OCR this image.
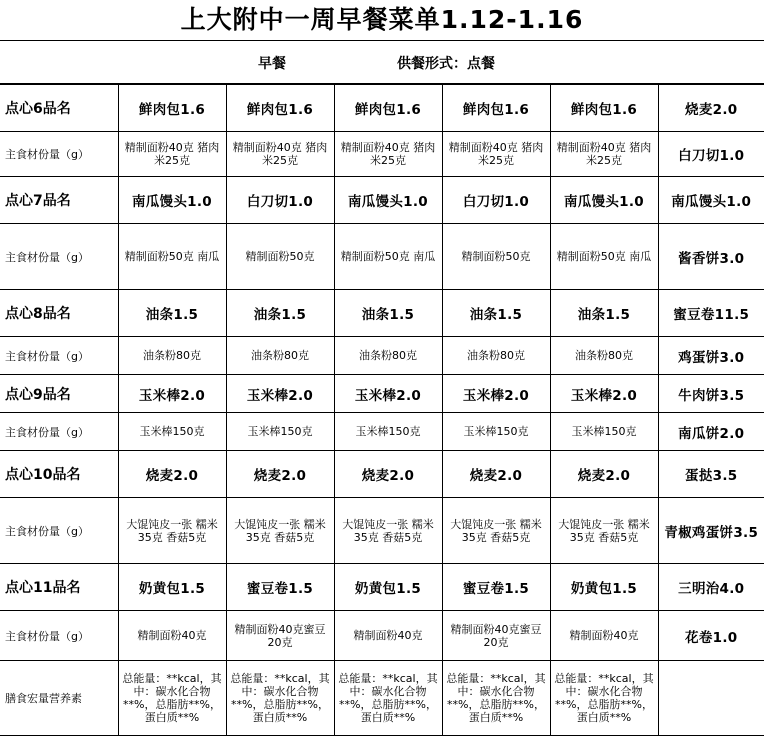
上大附中一周早餐菜单1.12-1.16
早餐	供餐形式：点餐
点心6品名	鲜肉包1.6	鲜肉包1.6	鲜肉包1.6	鲜肉包1.6	鲜肉包1.6	烧麦2.0
主食材份量（g）	精制面粉40克 猪肉米25克	精制面粉40克 猪肉米25克	精制面粉40克 猪肉米25克	精制面粉40克 猪肉米25克	精制面粉40克 猪肉米25克	白刀切1.0
点心7品名	南瓜馒头1.0	白刀切1.0	南瓜馒头1.0	白刀切1.0	南瓜馒头1.0	南瓜馒头1.0
主食材份量（g）	精制面粉50克 南瓜	精制面粉50克	精制面粉50克 南瓜	精制面粉50克	精制面粉50克 南瓜	酱香饼3.0
点心8品名	油条1.5	油条1.5	油条1.5	油条1.5	油条1.5	蜜豆卷11.5
主食材份量（g）	油条粉80克	油条粉80克	油条粉80克	油条粉80克	油条粉80克	鸡蛋饼3.0
点心9品名	玉米棒2.0	玉米棒2.0	玉米棒2.0	玉米棒2.0	玉米棒2.0	牛肉饼3.5
主食材份量（g）	玉米棒150克	玉米棒150克	玉米棒150克	玉米棒150克	玉米棒150克	南瓜饼2.0
点心10品名	烧麦2.0	烧麦2.0	烧麦2.0	烧麦2.0	烧麦2.0	蛋挞3.5
主食材份量（g）	大馄饨皮一张 糯米35克 香菇5克	大馄饨皮一张 糯米35克 香菇5克	大馄饨皮一张 糯米35克 香菇5克	大馄饨皮一张 糯米35克 香菇5克	大馄饨皮一张 糯米35克 香菇5克	青椒鸡蛋饼3.5
点心11品名	奶黄包1.5	蜜豆卷1.5	奶黄包1.5	蜜豆卷1.5	奶黄包1.5	三明治4.0
主食材份量（g）	精制面粉40克	精制面粉40克蜜豆20克	精制面粉40克	精制面粉40克蜜豆20克	精制面粉40克	花卷1.0
膳食宏量营养素	总能量：**kcal，其中：碳水化合物**%，总脂肪**%，蛋白质**%	总能量：**kcal，其中：碳水化合物**%，总脂肪**%，蛋白质**%	总能量：**kcal，其中：碳水化合物**%，总脂肪**%，蛋白质**%	总能量：**kcal，其中：碳水化合物**%，总脂肪**%，蛋白质**%	总能量：**kcal，其中：碳水化合物**%，总脂肪**%，蛋白质**%	
